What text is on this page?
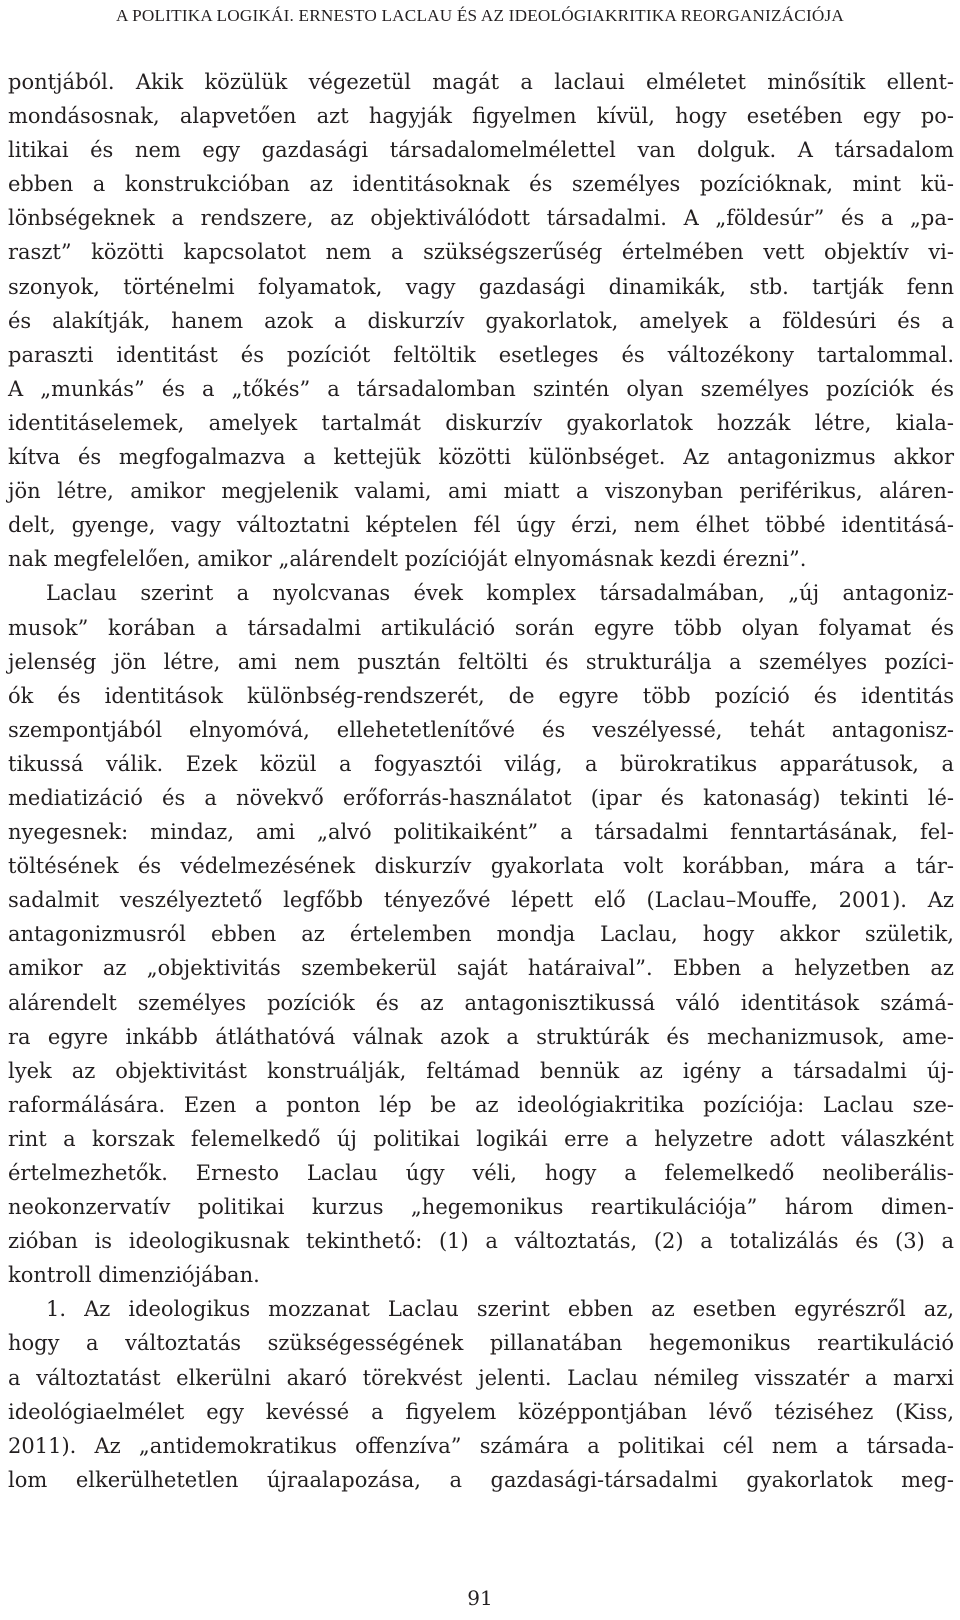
A POLITIKA LOGIKÁI. ERNESTO LACLAU ÉS AZ IDEOLÓGIAKRITIKA REORGANIZÁCIÓJA
pontjából. Akik közülük végezetül magát a laclaui elméletet minősítik ellent-
mondásosnak, alapvetően azt hagyják figyelmen kívül, hogy esetében egy po-
litikai és nem egy gazdasági társadalomelmélettel van dolguk. A társadalom
ebben a konstrukcióban az identitásoknak és személyes pozícióknak, mint kü-
lönbségeknek a rendszere, az objektiválódott társadalmi. A „földesúr” és a „pa-
raszt” közötti kapcsolatot nem a szükségszerűség értelmében vett objektív vi-
szonyok, történelmi folyamatok, vagy gazdasági dinamikák, stb. tartják fenn
és alakítják, hanem azok a diskurzív gyakorlatok, amelyek a földesúri és a
paraszti identitást és pozíciót feltöltik esetleges és változékony tartalommal.
A „munkás” és a „tőkés” a társadalomban szintén olyan személyes pozíciók és
identitáselemek, amelyek tartalmát diskurzív gyakorlatok hozzák létre, kiala-
kítva és megfogalmazva a kettejük közötti különbséget. Az antagonizmus akkor
jön létre, amikor megjelenik valami, ami miatt a viszonyban periférikus, aláren-
delt, gyenge, vagy változtatni képtelen fél úgy érzi, nem élhet többé identitásá-
nak megfelelően, amikor „alárendelt pozícióját elnyomásnak kezdi érezni”.
Laclau szerint a nyolcvanas évek komplex társadalmában, „új antagoniz-
musok” korában a társadalmi artikuláció során egyre több olyan folyamat és
jelenség jön létre, ami nem pusztán feltölti és strukturálja a személyes pozíci-
ók és identitások különbség-rendszerét, de egyre több pozíció és identitás
szempontjából elnyomóvá, ellehetetlenítővé és veszélyessé, tehát antagonisz-
tikussá válik. Ezek közül a fogyasztói világ, a bürokratikus apparátusok, a
mediatizáció és a növekvő erőforrás-használatot (ipar és katonaság) tekinti lé-
nyegesnek: mindaz, ami „alvó politikaiként” a társadalmi fenntartásának, fel-
töltésének és védelmezésének diskurzív gyakorlata volt korábban, mára a tár-
sadalmit veszélyeztető legfőbb tényezővé lépett elő (Laclau–Mouffe, 2001). Az
antagonizmusról ebben az értelemben mondja Laclau, hogy akkor születik,
amikor az „objektivitás szembekerül saját határaival”. Ebben a helyzetben az
alárendelt személyes pozíciók és az antagonisztikussá váló identitások számá-
ra egyre inkább átláthatóvá válnak azok a struktúrák és mechanizmusok, ame-
lyek az objektivitást konstruálják, feltámad bennük az igény a társadalmi új-
raformálására. Ezen a ponton lép be az ideológiakritika pozíciója: Laclau sze-
rint a korszak felemelkedő új politikai logikái erre a helyzetre adott válaszként
értelmezhetők. Ernesto Laclau úgy véli, hogy a felemelkedő neoliberális-
neokonzervatív politikai kurzus „hegemonikus reartikulációja” három dimen-
zióban is ideologikusnak tekinthető: (1) a változtatás, (2) a totalizálás és (3) a
kontroll dimenziójában.
1. Az ideologikus mozzanat Laclau szerint ebben az esetben egyrészről az,
hogy a változtatás szükségességének pillanatában hegemonikus reartikuláció
a változtatást elkerülni akaró törekvést jelenti. Laclau némileg visszatér a marxi
ideológiaelmélet egy kevéssé a figyelem középpontjában lévő téziséhez (Kiss,
2011). Az „antidemokratikus offenzíva” számára a politikai cél nem a társada-
lom elkerülhetetlen újraalapozása, a gazdasági-társadalmi gyakorlatok meg-
91
